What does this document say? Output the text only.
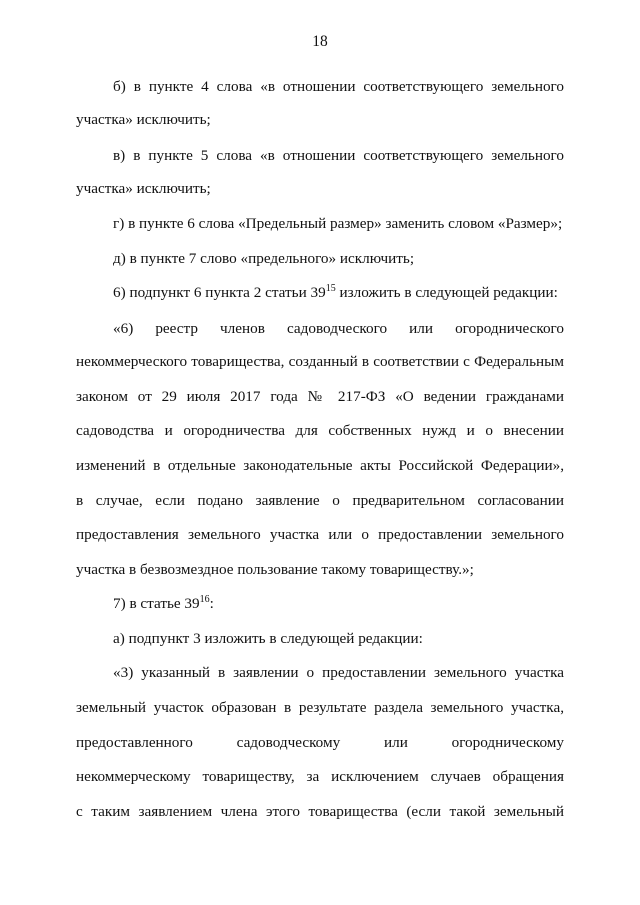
18
б) в пункте 4 слова «в отношении соответствующего земельного
участка» исключить;
в) в пункте 5 слова «в отношении соответствующего земельного
участка» исключить;
г) в пункте 6 слова «Предельный размер» заменить словом «Размер»;
д) в пункте 7 слово «предельного» исключить;
6) подпункт 6 пункта 2 статьи $39^{15}$ изложить в следующей редакции:
«6) реестр членов садоводческого или огороднического
некоммерческого товарищества, созданный в соответствии с Федеральным
законом от 29 июля 2017 года № 217-ФЗ «О ведении гражданами
садоводства и огородничества для собственных нужд и о внесении
изменений в отдельные законодательные акты Российской Федерации»,
в случае, если подано заявление о предварительном согласовании
предоставления земельного участка или о предоставлении земельного
участка в безвозмездное пользование такому товариществу.»;
7) в статье $39^{16}$:
а) подпункт 3 изложить в следующей редакции:
«3) указанный в заявлении о предоставлении земельного участка
земельный участок образован в результате раздела земельного участка,
предоставленного садоводческому или огородническому
некоммерческому товариществу, за исключением случаев обращения
с таким заявлением члена этого товарищества (если такой земельный
